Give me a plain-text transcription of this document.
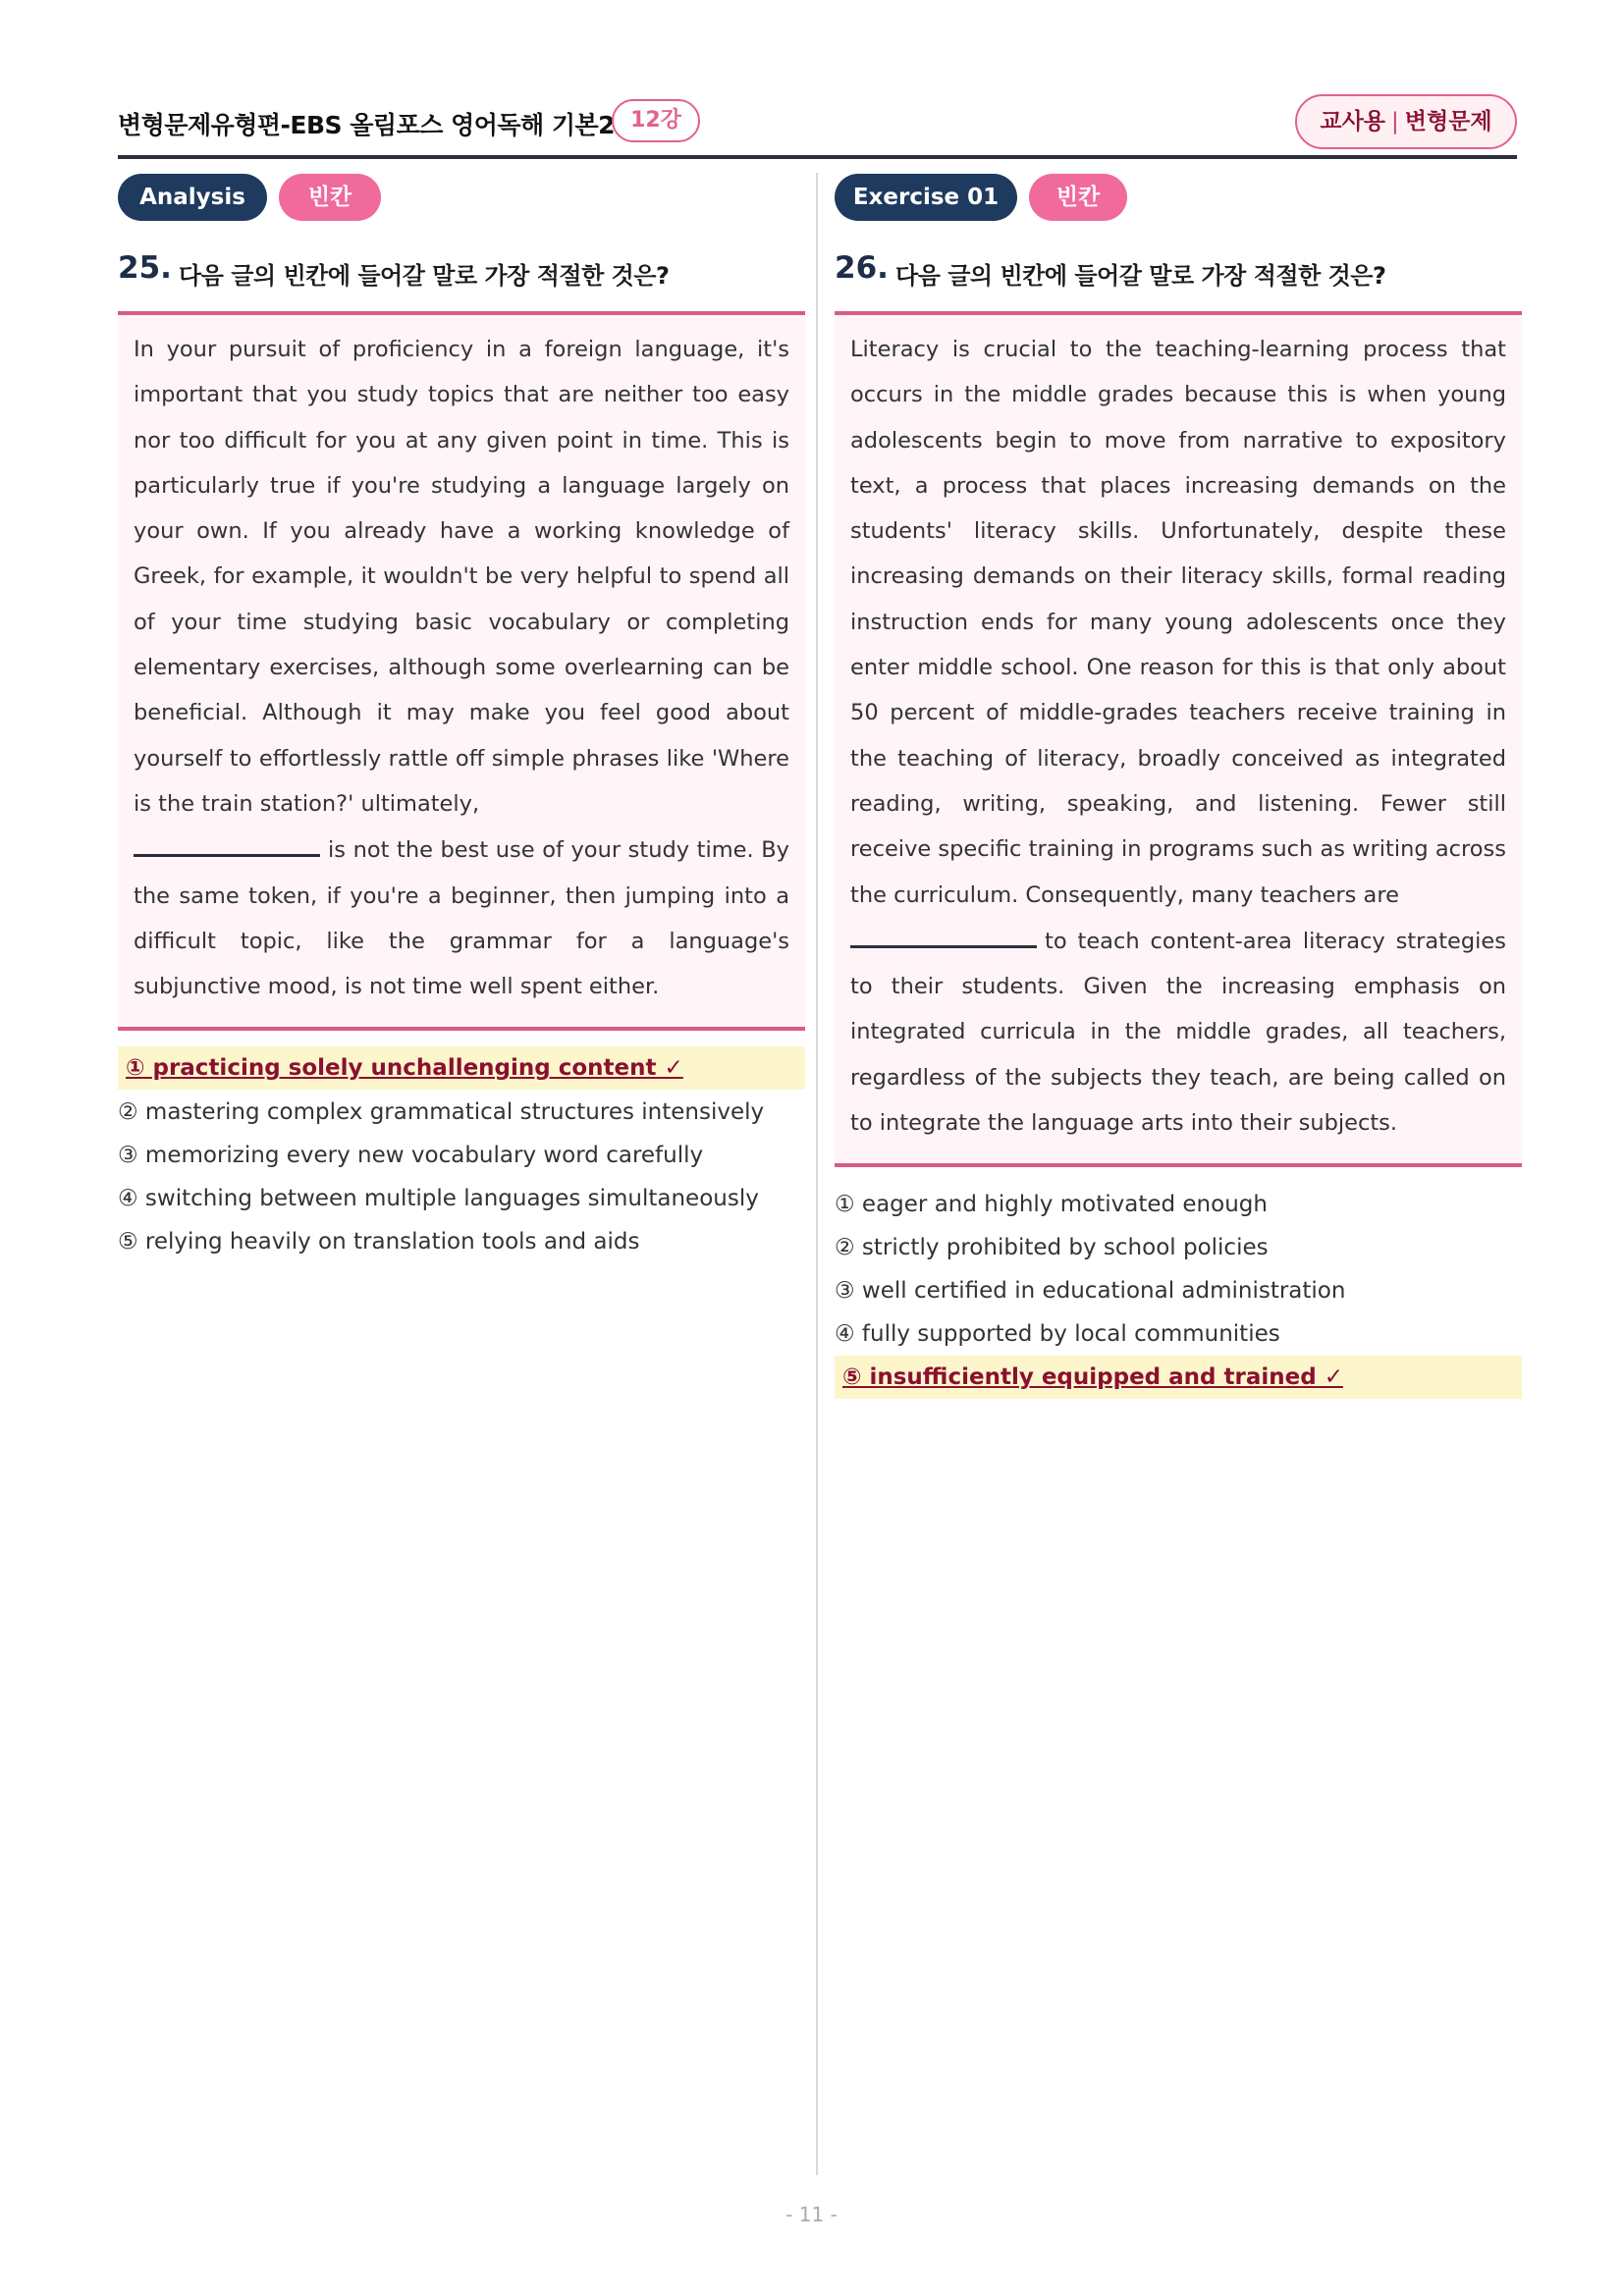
변형문제유형편-EBS 올림포스 영어독해 기본2 12강	교사용 | 변형문제
Analysis	빈칸
25. 다음 글의 빈칸에 들어갈 말로 가장 적절한 것은?
In your pursuit of proficiency in a foreign language, it's important that you study topics that are neither too easy nor too difficult for you at any given point in time. This is particularly true if you're studying a language largely on your own. If you already have a working knowledge of Greek, for example, it wouldn't be very helpful to spend all of your time studying basic vocabulary or completing elementary exercises, although some overlearning can be beneficial. Although it may make you feel good about yourself to effortlessly rattle off simple phrases like 'Where is the train station?' ultimately,
is not the best use of your study time. By the same token, if you're a beginner, then jumping into a difficult topic, like the grammar for a language's subjunctive mood, is not time well spent either.
① practicing solely unchallenging content ✓
② mastering complex grammatical structures intensively
③ memorizing every new vocabulary word carefully
④ switching between multiple languages simultaneously
⑤ relying heavily on translation tools and aids
Exercise 01	빈칸
26. 다음 글의 빈칸에 들어갈 말로 가장 적절한 것은?
Literacy is crucial to the teaching-learning process that occurs in the middle grades because this is when young adolescents begin to move from narrative to expository text, a process that places increasing demands on the students' literacy skills. Unfortunately, despite these increasing demands on their literacy skills, formal reading instruction ends for many young adolescents once they enter middle school. One reason for this is that only about 50 percent of middle-grades teachers receive training in the teaching of literacy, broadly conceived as integrated reading, writing, speaking, and listening. Fewer still receive specific training in programs such as writing across the curriculum. Consequently, many teachers are
to teach content-area literacy strategies to their students. Given the increasing emphasis on integrated curricula in the middle grades, all teachers, regardless of the subjects they teach, are being called on to integrate the language arts into their subjects.
① eager and highly motivated enough
② strictly prohibited by school policies
③ well certified in educational administration
④ fully supported by local communities
⑤ insufficiently equipped and trained ✓
- 11 -
